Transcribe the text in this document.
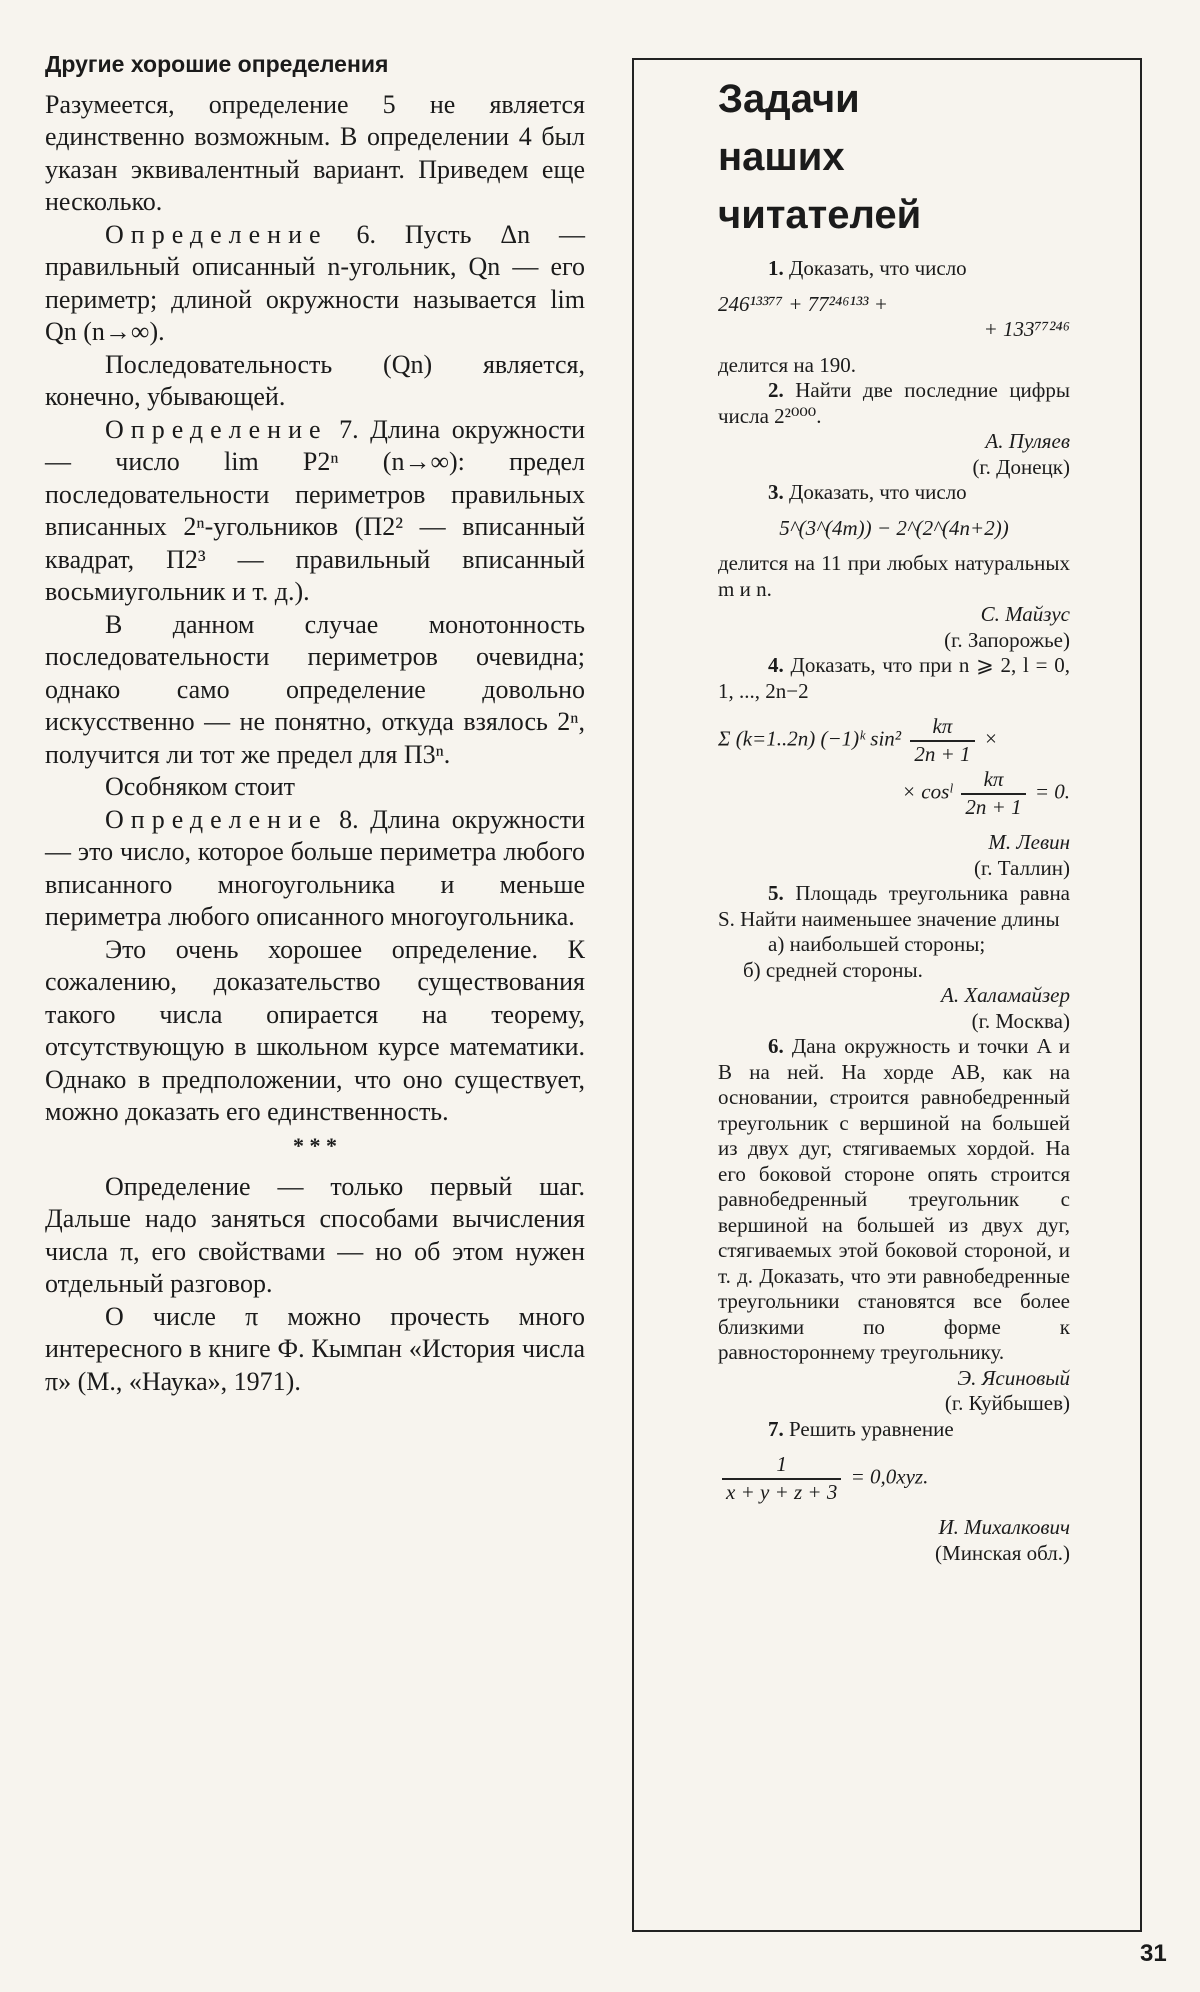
Другие хорошие определения

Разумеется, определение 5 не является единственно возможным. В определении 4 был указан эквивалентный вариант. Приведем еще несколько.

Определение 6. Пусть Δn — правильный описанный n-угольник, Qn — его периметр; длиной окружности называется lim Qn (n→∞).

Последовательность (Qn) является, конечно, убывающей.

Определение 7. Длина окружности — число lim P2ⁿ (n→∞): предел последовательности периметров правильных вписанных 2ⁿ-угольников (П2² — вписанный квадрат, П2³ — правильный вписанный восьмиугольник и т. д.).

В данном случае монотонность последовательности периметров очевидна; однако само определение довольно искусственно — не понятно, откуда взялось 2ⁿ, получится ли тот же предел для П3ⁿ.

Особняком стоит

Определение 8. Длина окружности — это число, которое больше периметра любого вписанного многоугольника и меньше периметра любого описанного многоугольника.

Это очень хорошее определение. К сожалению, доказательство существования такого числа опирается на теорему, отсутствующую в школьном курсе математики. Однако в предположении, что оно существует, можно доказать его единственность.

* * *

Определение — только первый шаг. Дальше надо заняться способами вычисления числа π, его свойствами — но об этом нужен отдельный разговор.

О числе π можно прочесть много интересного в книге Ф. Кымпан «История числа π» (М., «Наука», 1971).

Задачи
наших
читателей

1. Доказать, что число

246¹³³⁷⁷ + 77²⁴⁶¹³³ +
+ 133⁷⁷²⁴⁶

делится на 190.

2. Найти две последние цифры числа 2²⁰⁰⁰.

А. Пуляев
(г. Донецк)

3. Доказать, что число

5^(3^(4m)) − 2^(2^(4n+2))

делится на 11 при любых натуральных m и n.

С. Майзус
(г. Запорожье)

4. Доказать, что при n ⩾ 2, l = 0, 1, ..., 2n−2

Σ (k=1..2n) (−1)ᵏ $\sin^2 \frac{k\pi}{2n + 1}$ ×
× cosˡ $\frac{k\pi}{2n + 1} = 0$.
М. Левин
(г. Таллин)

5. Площадь треугольника равна S. Найти наименьшее значение длины

а) наибольшей стороны;

б) средней стороны.

А. Халамайзер
(г. Москва)

6. Дана окружность и точки A и B на ней. На хорде AB, как на основании, строится равнобедренный треугольник с вершиной на большей из двух дуг, стягиваемых хордой. На его боковой стороне опять строится равнобедренный треугольник с вершиной на большей из двух дуг, стягиваемых этой боковой стороной, и т. д. Доказать, что эти равнобедренные треугольники становятся все более близкими по форме к равностороннему треугольнику.

Э. Ясиновый
(г. Куйбышев)

7. Решить уравнение

$\frac{1}{x + y + z + 3} = 0,0xyz$.
И. Михалкович
(Минская обл.)
31
